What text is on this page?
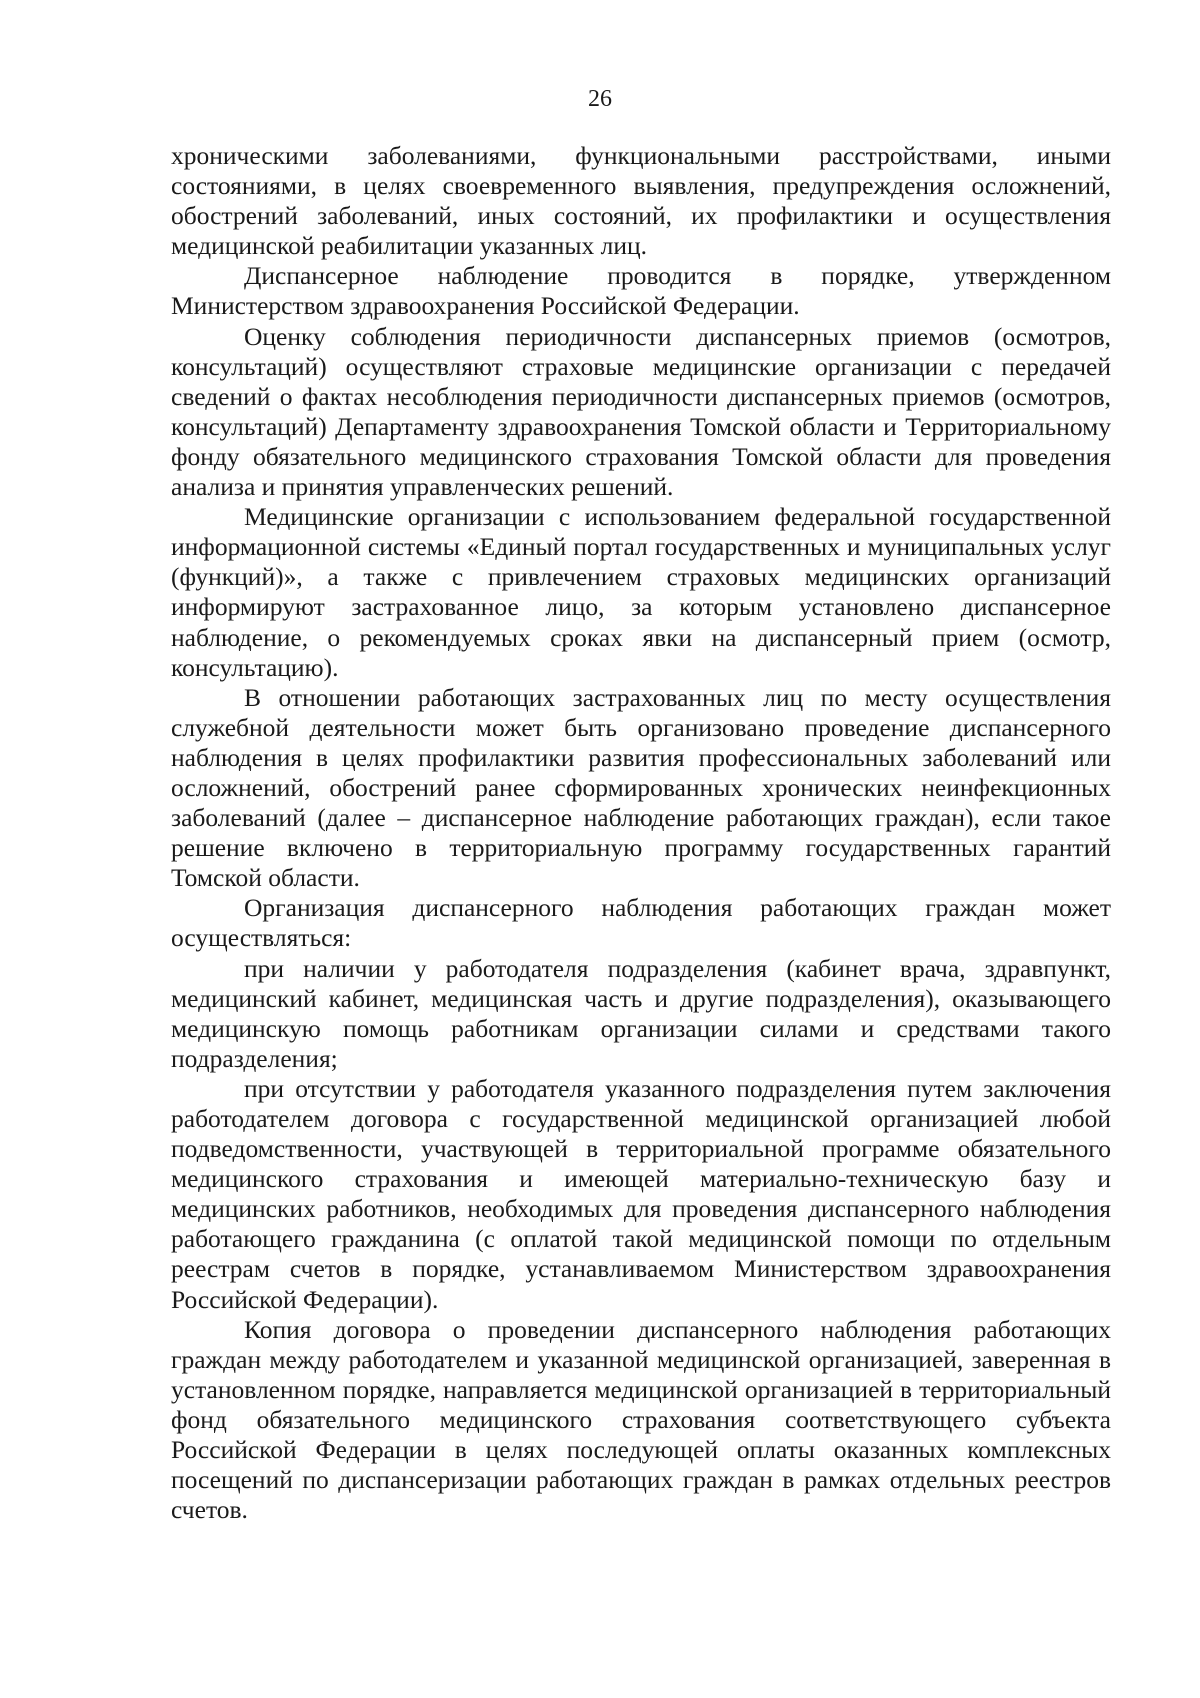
26

хроническими заболеваниями, функциональными расстройствами, иными состояниями, в целях своевременного выявления, предупреждения осложнений, обострений заболеваний, иных состояний, их профилактики и осуществления медицинской реабилитации указанных лиц.

Диспансерное наблюдение проводится в порядке, утвержденном Министерством здравоохранения Российской Федерации.

Оценку соблюдения периодичности диспансерных приемов (осмотров, консультаций) осуществляют страховые медицинские организации с передачей сведений о фактах несоблюдения периодичности диспансерных приемов (осмотров, консультаций) Департаменту здравоохранения Томской области и Территориальному фонду обязательного медицинского страхования Томской области для проведения анализа и принятия управленческих решений.

Медицинские организации с использованием федеральной государственной информационной системы «Единый портал государственных и муниципальных услуг (функций)», а также с привлечением страховых медицинских организаций информируют застрахованное лицо, за которым установлено диспансерное наблюдение, о рекомендуемых сроках явки на диспансерный прием (осмотр, консультацию).

В отношении работающих застрахованных лиц по месту осуществления служебной деятельности может быть организовано проведение диспансерного наблюдения в целях профилактики развития профессиональных заболеваний или осложнений, обострений ранее сформированных хронических неинфекционных заболеваний (далее – диспансерное наблюдение работающих граждан), если такое решение включено в территориальную программу государственных гарантий Томской области.

Организация диспансерного наблюдения работающих граждан может осуществляться:

при наличии у работодателя подразделения (кабинет врача, здравпункт, медицинский кабинет, медицинская часть и другие подразделения), оказывающего медицинскую помощь работникам организации силами и средствами такого подразделения;

при отсутствии у работодателя указанного подразделения путем заключения работодателем договора с государственной медицинской организацией любой подведомственности, участвующей в территориальной программе обязательного медицинского страхования и имеющей материально-техническую базу и медицинских работников, необходимых для проведения диспансерного наблюдения работающего гражданина (с оплатой такой медицинской помощи по отдельным реестрам счетов в порядке, устанавливаемом Министерством здравоохранения Российской Федерации).

Копия договора о проведении диспансерного наблюдения работающих граждан между работодателем и указанной медицинской организацией, заверенная в установленном порядке, направляется медицинской организацией в территориальный фонд обязательного медицинского страхования соответствующего субъекта Российской Федерации в целях последующей оплаты оказанных комплексных посещений по диспансеризации работающих граждан в рамках отдельных реестров счетов.
